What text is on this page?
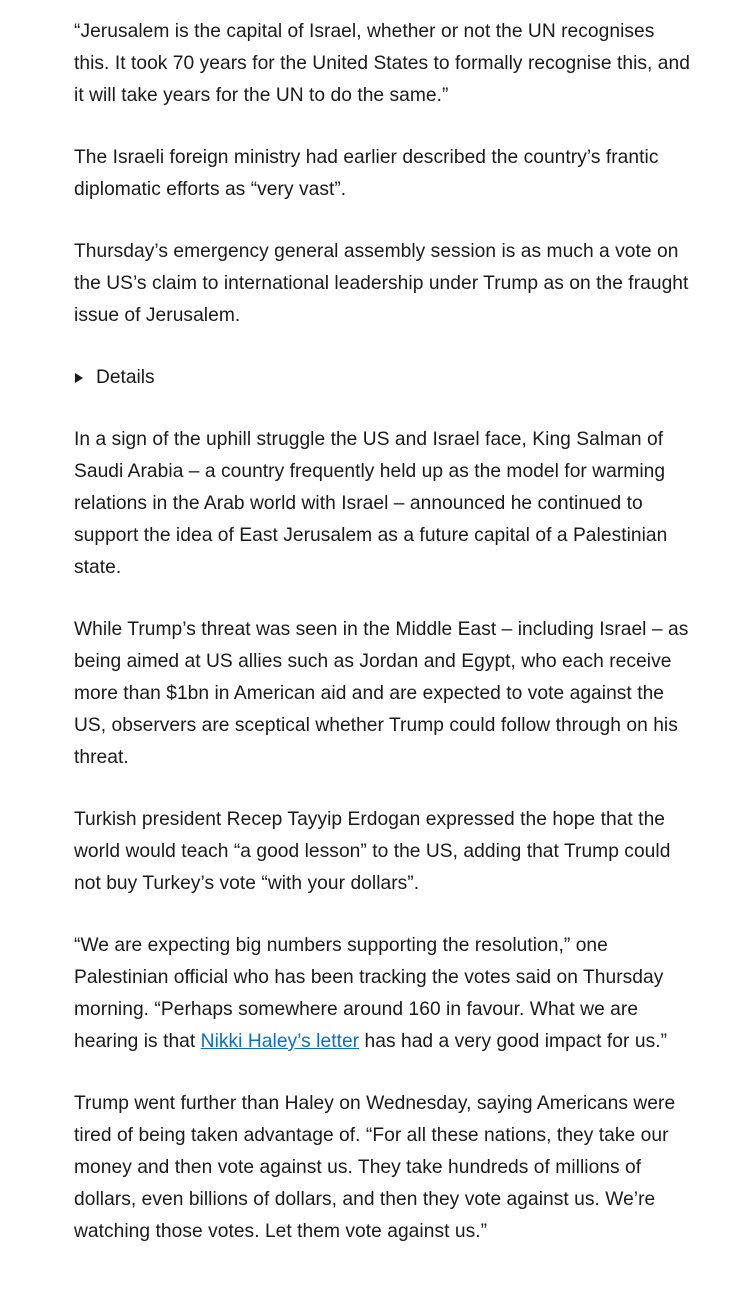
“Jerusalem is the capital of Israel, whether or not the UN recognises this. It took 70 years for the United States to formally recognise this, and it will take years for the UN to do the same.”

The Israeli foreign ministry had earlier described the country’s frantic diplomatic efforts as “very vast”.

Thursday’s emergency general assembly session is as much a vote on the US’s claim to international leadership under Trump as on the fraught issue of Jerusalem.

Details

In a sign of the uphill struggle the US and Israel face, King Salman of Saudi Arabia – a country frequently held up as the model for warming relations in the Arab world with Israel – announced he continued to support the idea of East Jerusalem as a future capital of a Palestinian state.

While Trump’s threat was seen in the Middle East – including Israel – as being aimed at US allies such as Jordan and Egypt, who each receive more than $1bn in American aid and are expected to vote against the US, observers are sceptical whether Trump could follow through on his threat.

Turkish president Recep Tayyip Erdogan expressed the hope that the world would teach “a good lesson” to the US, adding that Trump could not buy Turkey’s vote “with your dollars”.

“We are expecting big numbers supporting the resolution,” one Palestinian official who has been tracking the votes said on Thursday morning. “Perhaps somewhere around 160 in favour. What we are hearing is that Nikki Haley’s letter has had a very good impact for us.”

Trump went further than Haley on Wednesday, saying Americans were tired of being taken advantage of. “For all these nations, they take our money and then vote against us. They take hundreds of millions of dollars, even billions of dollars, and then they vote against us. We’re watching those votes. Let them vote against us.”
